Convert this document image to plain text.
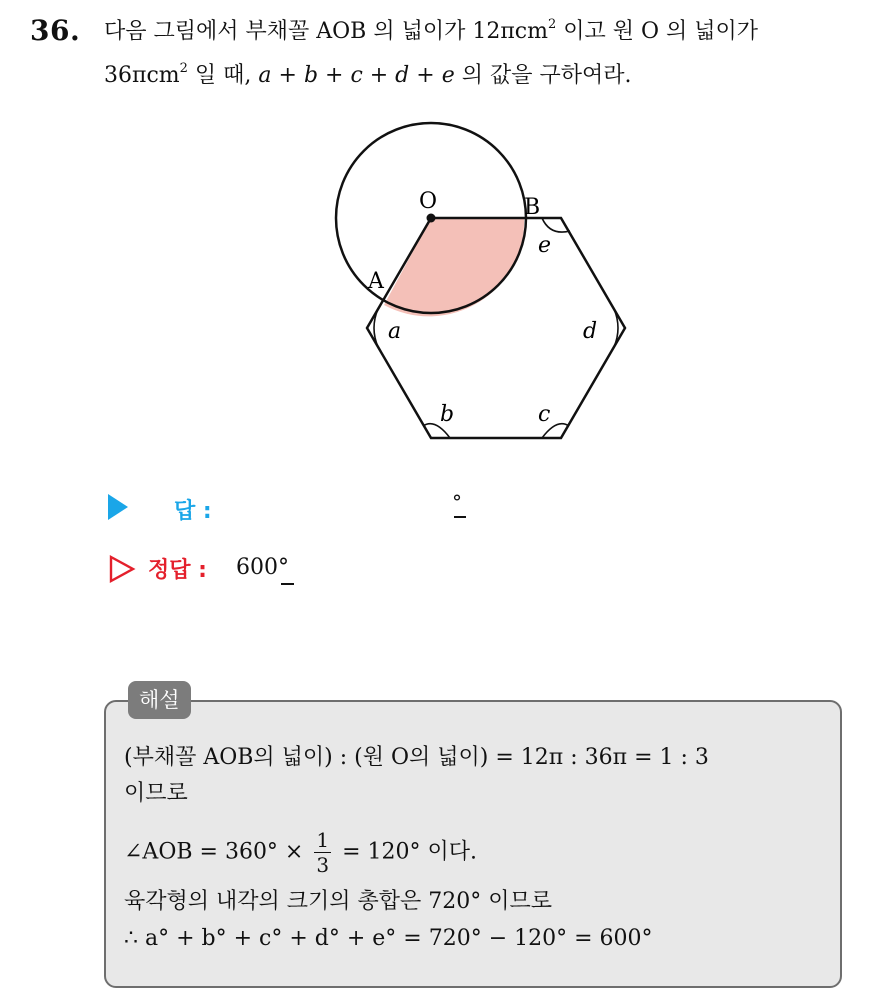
36. 다음 그림에서 부채꼴 AOB 의 넓이가 12πcm$^2$ 이고 원 O 의 넓이가
36πcm$^2$ 일 때, a + b + c + d + e 의 값을 구하여라.
O	B
A
a
b	c
d
e
답 :	°
정답 : 600°
해설
(부채꼴 AOB의 넓이) : (원 O의 넓이) = 12π : 36π = 1 : 3
이므로
∠AOB = $360^\circ \times \frac{1}{3} = 120^\circ$ 이다.
육각형의 내각의 크기의 총합은 720° 이므로
∴ a° + b° + c° + d° + e° = 720° − 120° = 600°
